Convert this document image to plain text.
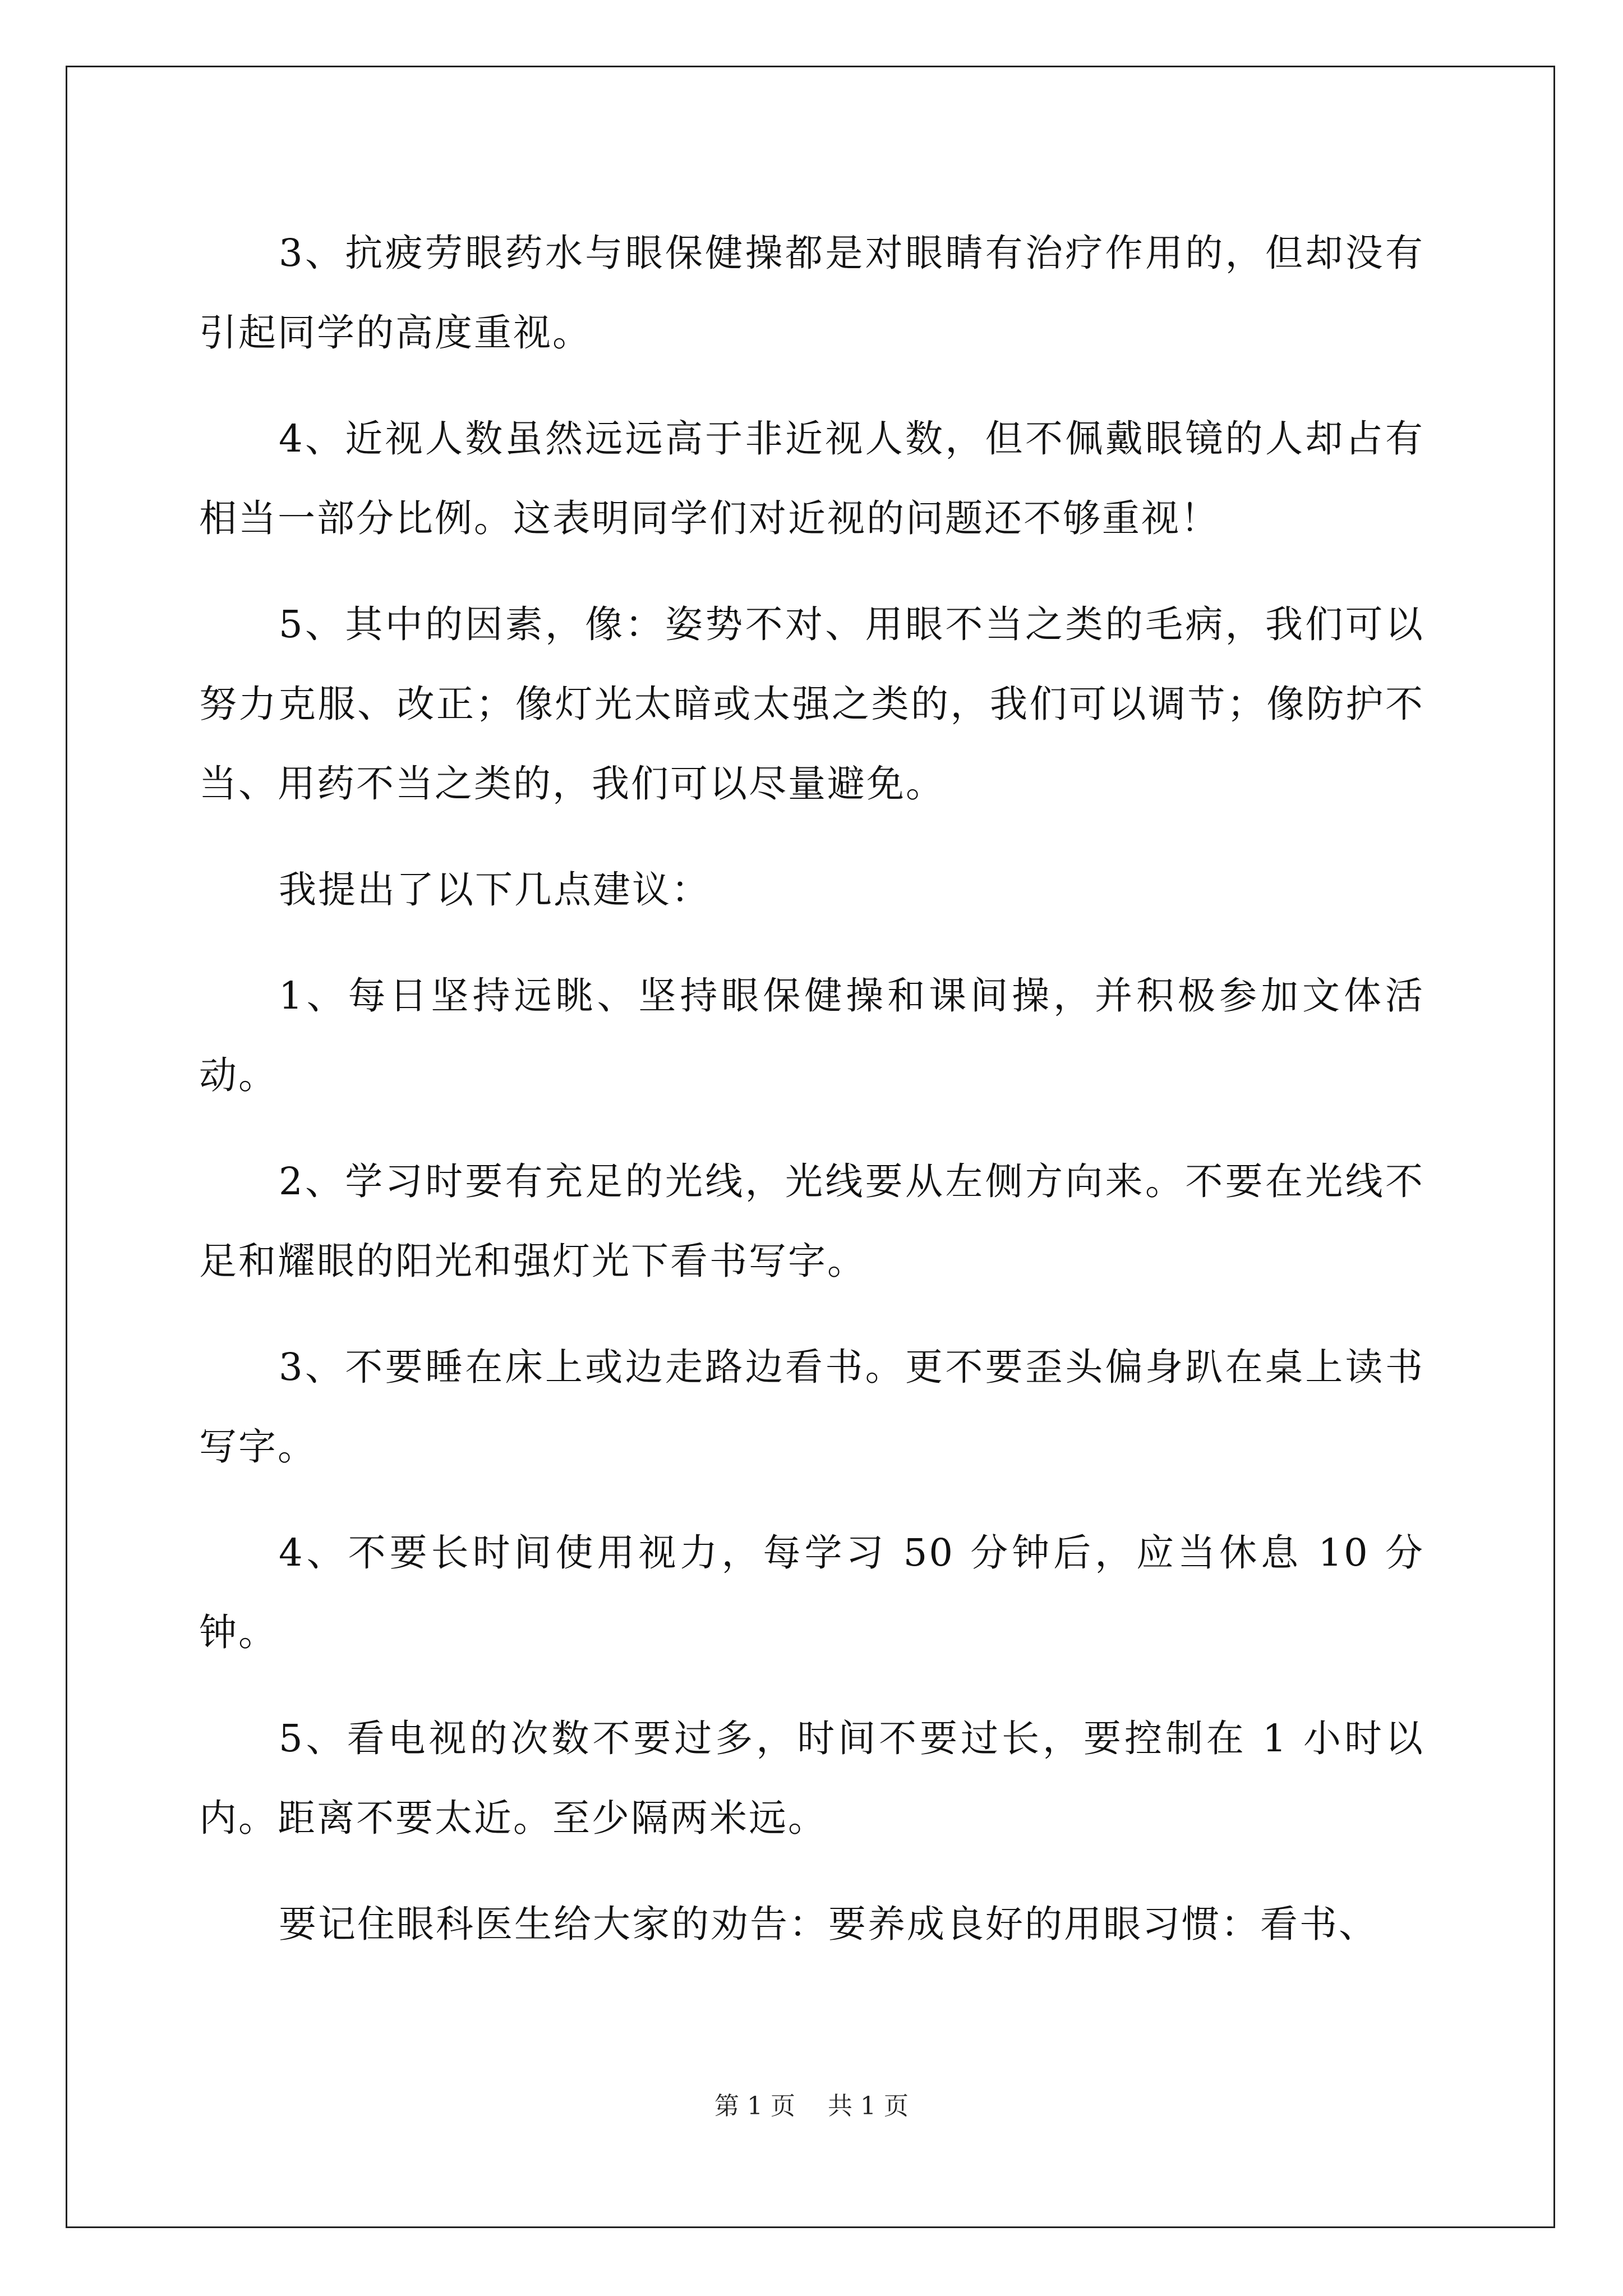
3、抗疲劳眼药水与眼保健操都是对眼睛有治疗作用的，但却没有引起同学的高度重视。

4、近视人数虽然远远高于非近视人数，但不佩戴眼镜的人却占有相当一部分比例。这表明同学们对近视的问题还不够重视！

5、其中的因素，像：姿势不对、用眼不当之类的毛病，我们可以努力克服、改正；像灯光太暗或太强之类的，我们可以调节；像防护不当、用药不当之类的，我们可以尽量避免。

我提出了以下几点建议：

1、每日坚持远眺、坚持眼保健操和课间操，并积极参加文体活动。

2、学习时要有充足的光线，光线要从左侧方向来。不要在光线不足和耀眼的阳光和强灯光下看书写字。

3、不要睡在床上或边走路边看书。更不要歪头偏身趴在桌上读书写字。

4、不要长时间使用视力，每学习 50 分钟后，应当休息 10 分钟。

5、看电视的次数不要过多，时间不要过长，要控制在 1 小时以内。距离不要太近。至少隔两米远。

要记住眼科医生给大家的劝告：要养成良好的用眼习惯：看书、

第 1 页 共 1 页
